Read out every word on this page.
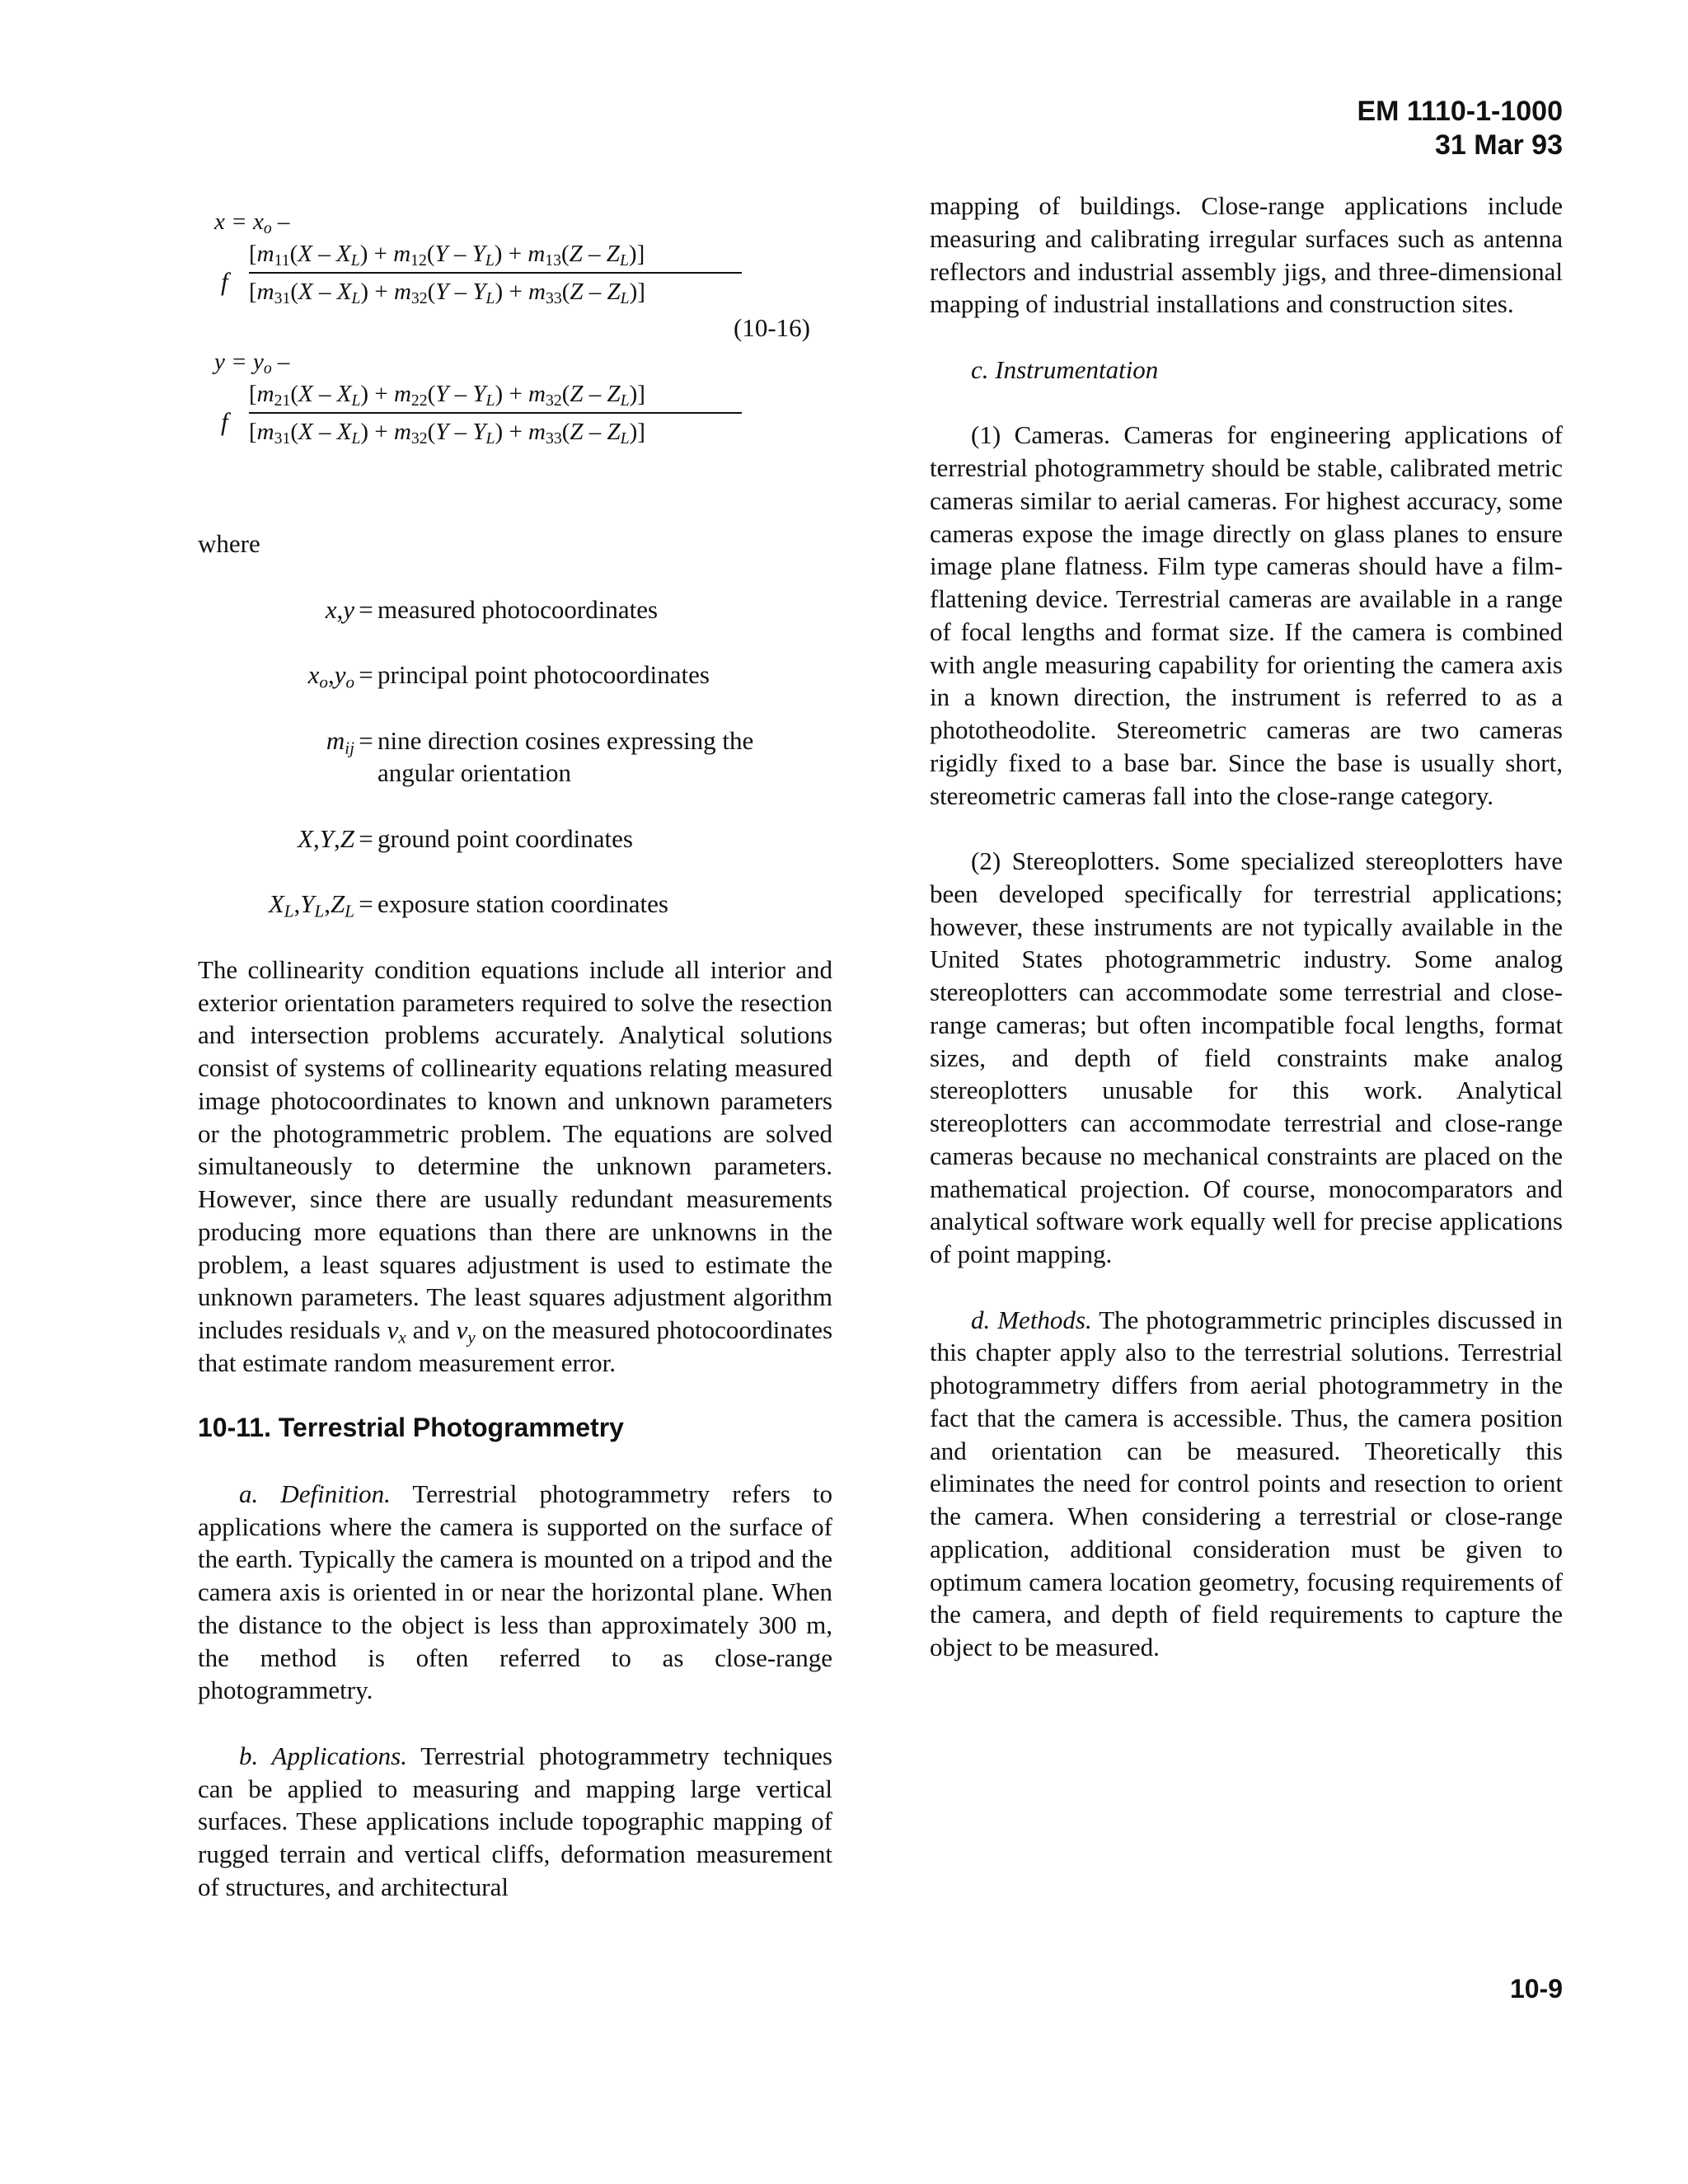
EM 1110-1-1000
31 Mar 93
$x = x_o$ –
f
$[m_{11}(X - X_L) + m_{12}(Y - Y_L) + m_{13}(Z - Z_L)]$
$[m_{31}(X - X_L) + m_{32}(Y - Y_L) + m_{33}(Z - Z_L)]$
(10-16)
$y = y_o$ –
f
$[m_{21}(X - X_L) + m_{22}(Y - Y_L) + m_{32}(Z - Z_L)]$
$[m_{31}(X - X_L) + m_{32}(Y - Y_L) + m_{33}(Z - Z_L)]$

where

x,y = measured photocoordinates
$x_o,y_o$ = principal point photocoordinates
$m_{ij}$ = nine direction cosines expressing the angular orientation
X,Y,Z = ground point coordinates
$X_L,Y_L,Z_L$ = exposure station coordinates

The collinearity condition equations include all interior and exterior orientation parameters required to solve the resection and intersection problems accurately. Analytical solutions consist of systems of collinearity equations relating measured image photocoordinates to known and unknown parameters or the photogrammetric problem. The equations are solved simultaneously to determine the unknown parameters. However, since there are usually redundant measurements producing more equations than there are unknowns in the problem, a least squares adjustment is used to estimate the unknown parameters. The least squares adjustment algorithm includes residuals $v_x$ and $v_y$ on the measured photocoordinates that estimate random measurement error.

10-11. Terrestrial Photogrammetry

a. Definition. Terrestrial photogrammetry refers to applications where the camera is supported on the surface of the earth. Typically the camera is mounted on a tripod and the camera axis is oriented in or near the horizontal plane. When the distance to the object is less than approximately 300 m, the method is often referred to as close-range photogrammetry.

b. Applications. Terrestrial photogrammetry techniques can be applied to measuring and mapping large vertical surfaces. These applications include topographic mapping of rugged terrain and vertical cliffs, deformation measurement of structures, and architectural

mapping of buildings. Close-range applications include measuring and calibrating irregular surfaces such as antenna reflectors and industrial assembly jigs, and three-dimensional mapping of industrial installations and construction sites.

c. Instrumentation

(1) Cameras. Cameras for engineering applications of terrestrial photogrammetry should be stable, calibrated metric cameras similar to aerial cameras. For highest accuracy, some cameras expose the image directly on glass planes to ensure image plane flatness. Film type cameras should have a film-flattening device. Terrestrial cameras are available in a range of focal lengths and format size. If the camera is combined with angle measuring capability for orienting the camera axis in a known direction, the instrument is referred to as a phototheodolite. Stereometric cameras are two cameras rigidly fixed to a base bar. Since the base is usually short, stereometric cameras fall into the close-range category.

(2) Stereoplotters. Some specialized stereoplotters have been developed specifically for terrestrial applications; however, these instruments are not typically available in the United States photogrammetric industry. Some analog stereoplotters can accommodate some terrestrial and close-range cameras; but often incompatible focal lengths, format sizes, and depth of field constraints make analog stereoplotters unusable for this work. Analytical stereoplotters can accommodate terrestrial and close-range cameras because no mechanical constraints are placed on the mathematical projection. Of course, monocomparators and analytical software work equally well for precise applications of point mapping.

d. Methods. The photogrammetric principles discussed in this chapter apply also to the terrestrial solutions. Terrestrial photogrammetry differs from aerial photogrammetry in the fact that the camera is accessible. Thus, the camera position and orientation can be measured. Theoretically this eliminates the need for control points and resection to orient the camera. When considering a terrestrial or close-range application, additional consideration must be given to optimum camera location geometry, focusing requirements of the camera, and depth of field requirements to capture the object to be measured.

10-9
